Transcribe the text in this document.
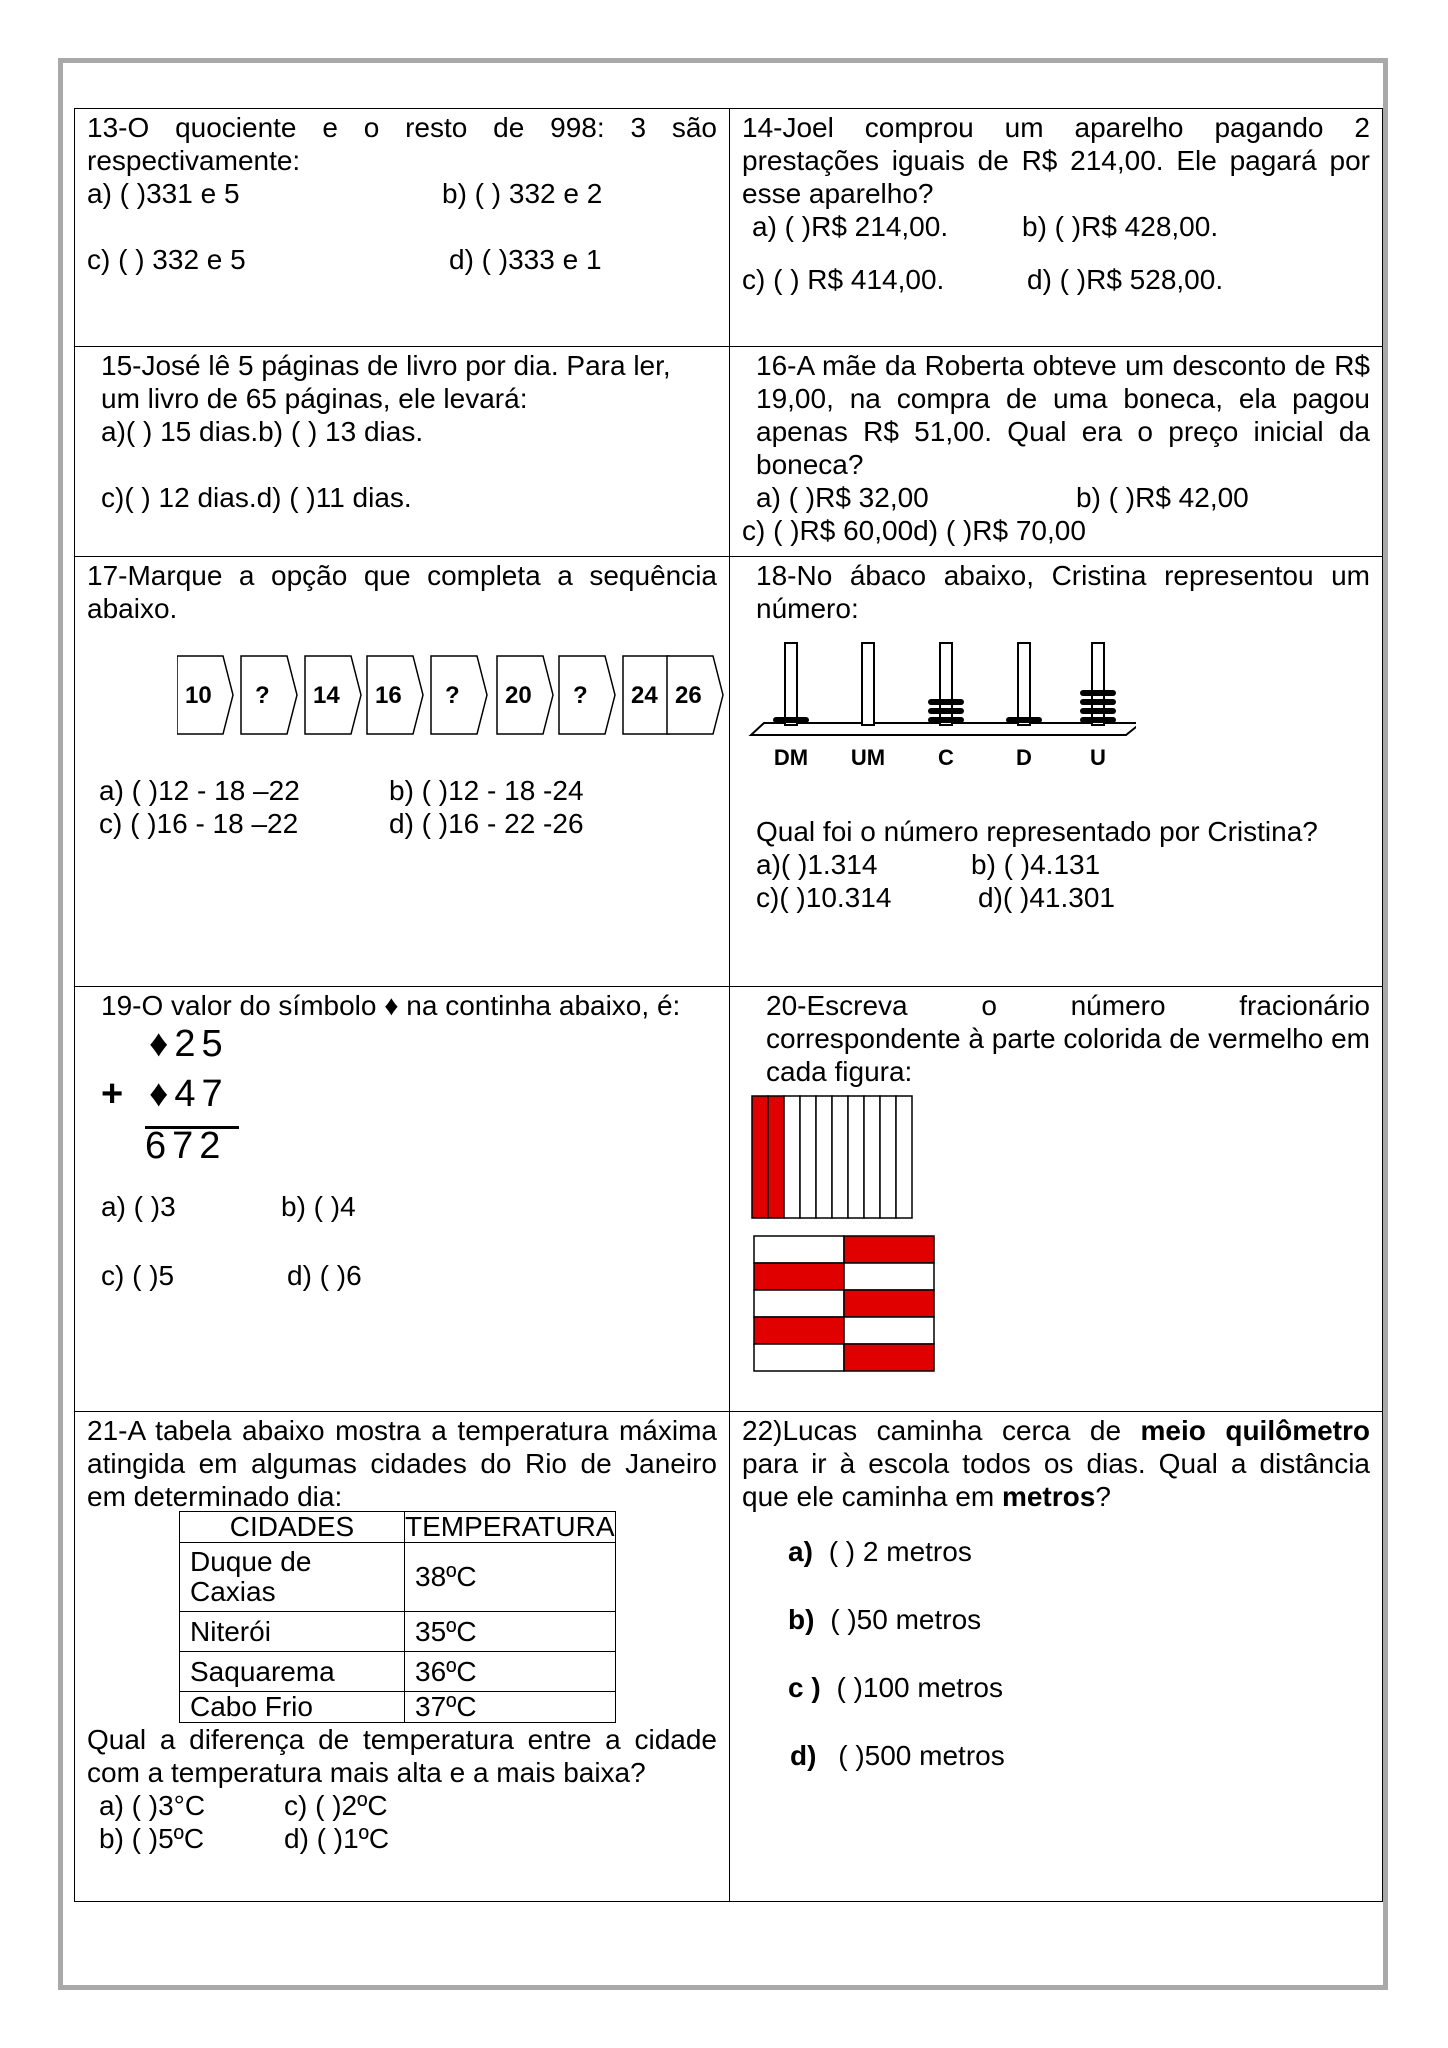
13-O quociente e o resto de 998: 3 são respectivamente:
a) ( )331 e 5	b) ( ) 332 e 2
c) ( ) 332 e 5	d) ( )333 e 1

14-Joel comprou um aparelho pagando 2 prestações iguais de R$ 214,00. Ele pagará por esse aparelho?
a) ( )R$ 214,00.	b) ( )R$ 428,00.
c) ( ) R$ 414,00.	d) ( )R$ 528,00.

15-José lê 5 páginas de livro por dia. Para ler, um livro de 65 páginas, ele levará:
a)( ) 15 dias.b) ( ) 13 dias.
c)( ) 12 dias.d) ( )11 dias.

16-A mãe da Roberta obteve um desconto de R$ 19,00, na compra de uma boneca, ela pagou apenas R$ 51,00. Qual era o preço inicial da boneca?
a) ( )R$ 32,00	b) ( )R$ 42,00
c) ( )R$ 60,00d) ( )R$ 70,00

17-Marque a opção que completa a sequência abaixo.
10 ? 14 16 ? 20 ? 24 26
a) ( )12 - 18 –22	b) ( )12 - 18 -24
c) ( )16 - 18 –22	d) ( )16 - 22 -26

18-No ábaco abaixo, Cristina representou um número:
DM UM C	D	U
Qual foi o número representado por Cristina?
a)( )1.314	b) ( )4.131
c)( )10.314	d)( )41.301

19-O valor do símbolo ♦ na continha abaixo, é:
♦25
+ ♦47
672
a) ( )3	b) ( )4
c) ( )5	d) ( )6

20-Escreva o número fracionário correspondente à parte colorida de vermelho em cada figura:

21-A tabela abaixo mostra a temperatura máxima atingida em algumas cidades do Rio de Janeiro em determinado dia:
CIDADES	TEMPERATURA
Duque de Caxias	38ºC
Niterói	35ºC
Saquarema	36ºC
Cabo Frio	37ºC
Qual a diferença de temperatura entre a cidade com a temperatura mais alta e a mais baixa?
a) ( )3°C	c) ( )2ºC
b) ( )5ºC	d) ( )1ºC

22)Lucas caminha cerca de meio quilômetro para ir à escola todos os dias. Qual a distância que ele caminha em metros?
a) ( ) 2 metros
b) ( )50 metros
c ) ( )100 metros
d) ( )500 metros
